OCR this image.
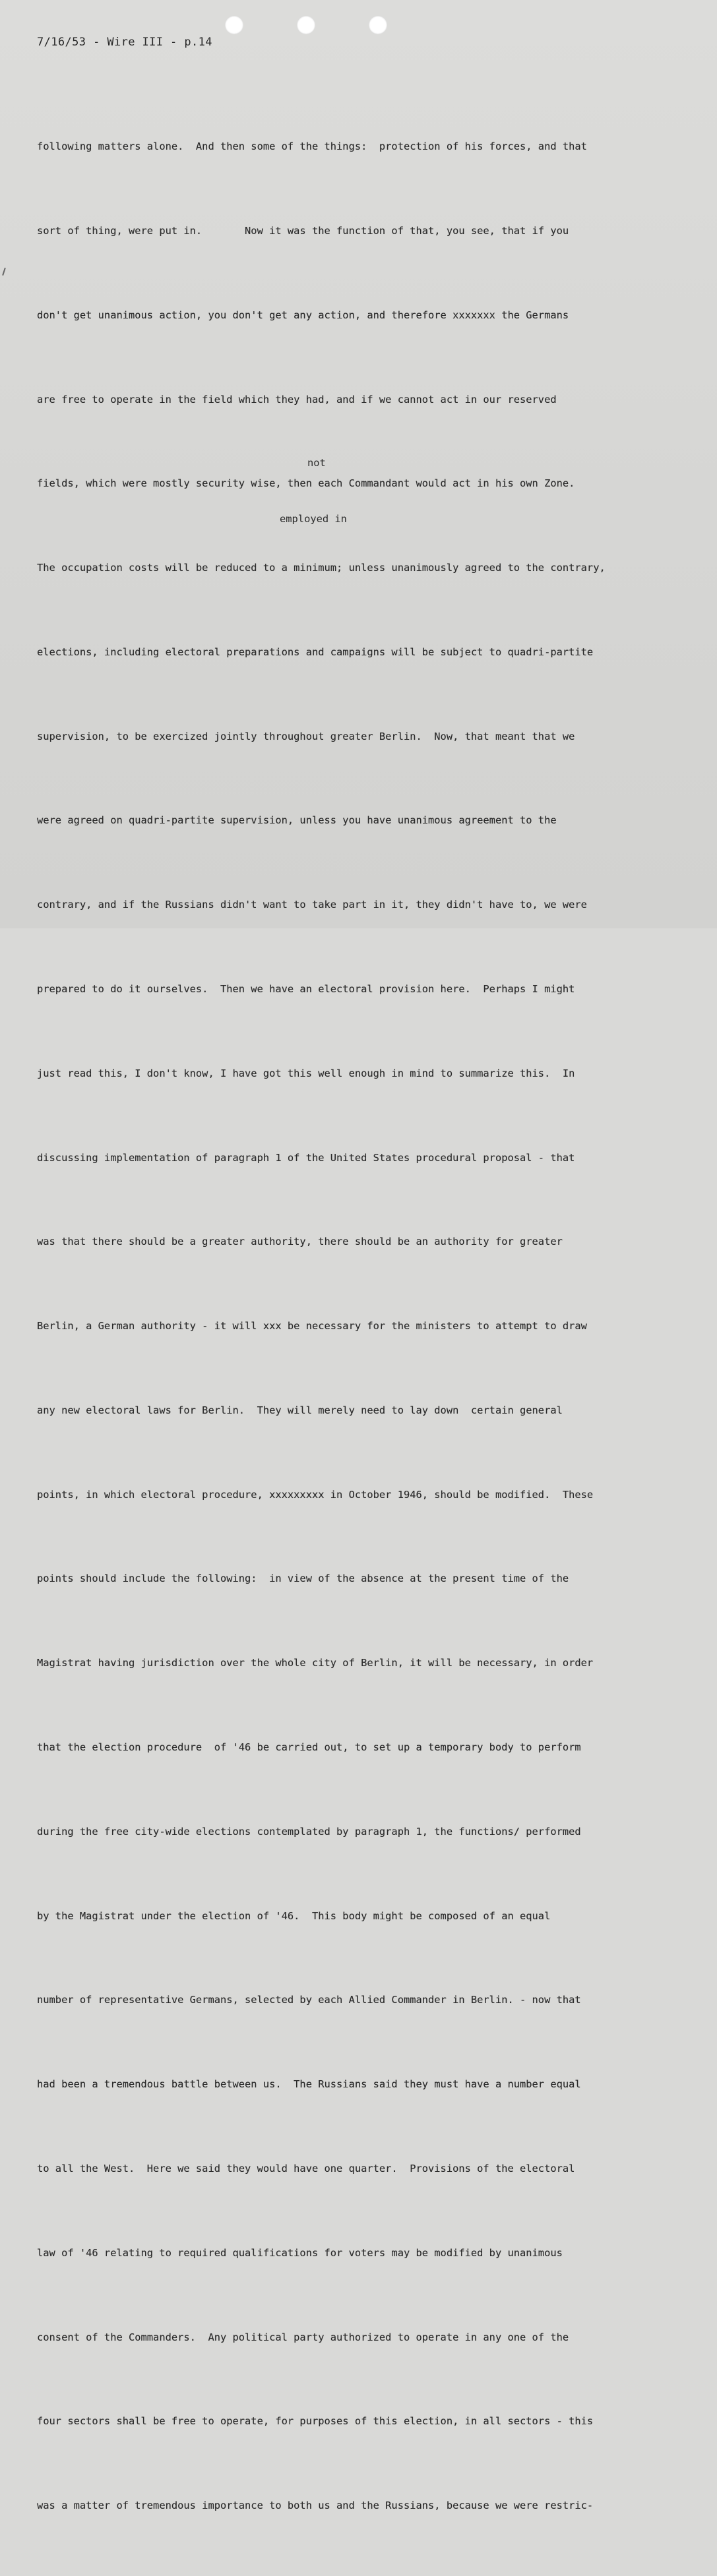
7/16/53 - Wire III - p.14
not
employed in

following matters alone.  And then some of the things:  protection of his forces, and that

sort of thing, were put in.       Now it was the function of that, you see, that if you

don't get unanimous action, you don't get any action, and therefore xxxxxxx the Germans

are free to operate in the field which they had, and if we cannot act in our reserved

fields, which were mostly security wise, then each Commandant would act in his own Zone.

The occupation costs will be reduced to a minimum; unless unanimously agreed to the contrary,

elections, including electoral preparations and campaigns will be subject to quadri-partite

supervision, to be exercized jointly throughout greater Berlin.  Now, that meant that we

were agreed on quadri-partite supervision, unless you have unanimous agreement to the

contrary, and if the Russians didn't want to take part in it, they didn't have to, we were

prepared to do it ourselves.  Then we have an electoral provision here.  Perhaps I might

just read this, I don't know, I have got this well enough in mind to summarize this.  In

discussing implementation of paragraph 1 of the United States procedural proposal - that

was that there should be a greater authority, there should be an authority for greater

Berlin, a German authority - it will xxx be necessary for the ministers to attempt to draw

any new electoral laws for Berlin.  They will merely need to lay down  certain general

points, in which electoral procedure, xxxxxxxxx in October 1946, should be modified.  These

points should include the following:  in view of the absence at the present time of the

Magistrat having jurisdiction over the whole city of Berlin, it will be necessary, in order

that the election procedure  of '46 be carried out, to set up a temporary body to perform

during the free city-wide elections contemplated by paragraph 1, the functions/ performed

by the Magistrat under the election of '46.  This body might be composed of an equal

number of representative Germans, selected by each Allied Commander in Berlin. - now that

had been a tremendous battle between us.  The Russians said they must have a number equal

to all the West.  Here we said they would have one quarter.  Provisions of the electoral

law of '46 relating to required qualifications for voters may be modified by unanimous

consent of the Commanders.  Any political party authorized to operate in any one of the

four sectors shall be free to operate, for purposes of this election, in all sectors - this

was a matter of tremendous importance to both us and the Russians, because we were restric-
